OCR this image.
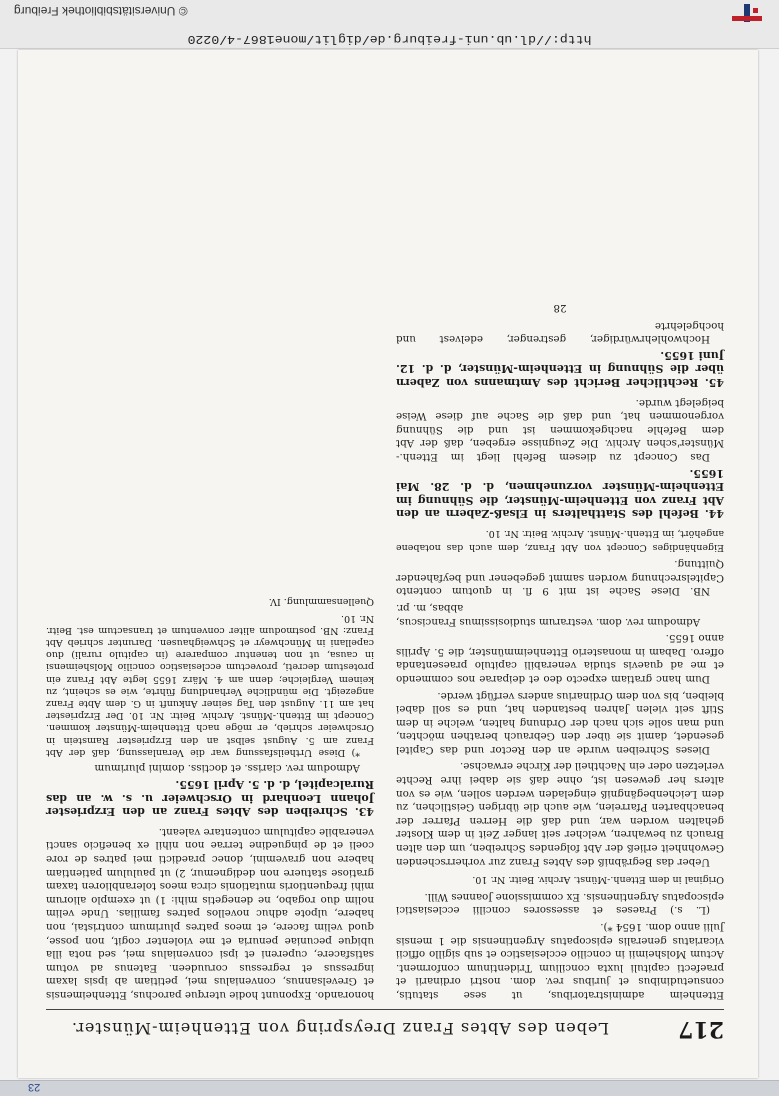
http://dl.ub.uni-freiburg.de/diglit/mone1867-4/0220
© Universitätsbibliothek Freiburg
217
Leben des Abtes Franz Dreyspring von Ettenheim-Münster.

Ettenheim administratoribus, ut sese statutis, consuetudinibus et juribus rev. dom. nostri ordinarii et praefecti capituli luxta concilium Tridentinum conforment. Actum Molsheimii in concilio ecclesiastico et sub sigillo officii vicariatus generalis episcopatus Argentinensis die 1 mensis Julii anno dom. 1654 *).

(L. s.) Praeses et assessores concilii ecclesiastici episcopatus Argentinensis. Ex commissione Joannes Will.

Original in dem Ettenh.-Münst. Archiv. Beitr. Nr. 10.

Ueber das Begräbniß des Abtes Franz zur vorherrschenden Gewohnheit erließ der Abt folgendes Schreiben, um den alten Brauch zu bewahren, welcher seit langer Zeit in dem Kloster gehalten worden war, und daß die Herren Pfarrer der benachbarten Pfarreien, wie auch die übrigen Geistlichen, zu dem Leichenbegängniß eingeladen werden sollen, wie es von alters her gewesen ist, ohne daß sie dabei ihre Rechte verletzen oder ein Nachtheil der Kirche erwachse.

Dieses Schreiben wurde an den Rector und das Capitel gesendet, damit sie über den Gebrauch berathen möchten, und man solle sich nach der Ordnung halten, welche in dem Stift seit vielen Jahren bestanden hat, und es soll dabei bleiben, bis von dem Ordinarius anders verfügt werde.

Dum hanc gratiam expecto deo et deiparae nos commendo et me ad quaevis studia venerabili capitulo praesentanda offero. Dabam in monasterio Ettenheimmünster, die 5. Aprilis anno 1655.

Admodum rev. dom. vestrarum studiosissimus Franciscus, abbas, m. pr.

NB. Diese Sache ist mit 9 fl. in quotum contento Capitelsrechnung worden sammt gegebener und beyfahender Quittung.

Eigenhändiges Concept von Abt Franz, dem auch das notabene angehört, im Ettenh.-Münst. Archiv. Beitr. Nr. 10.

44. Befehl des Statthalters in Elsaß-Zabern an den Abt Franz von Ettenheim-Münster, die Sühnung im Ettenheim-Münster vorzunehmen, d. d. 28. Mai 1655.

Das Concept zu diesem Befehl liegt im Ettenh.-Münster'schen Archiv. Die Zeugnisse ergeben, daß der Abt dem Befehle nachgekommen ist und die Sühnung vorgenommen hat, und daß die Sache auf diese Weise beigelegt wurde.

45. Rechtlicher Bericht des Amtmanns von Zabern über die Sühnung in Ettenheim-Münster, d. d. 12. Juni 1655.

Hochwohlehrwürdiger, gestrenger, edelvest und hochgelehrte

28

honorando. Exponunt hodie uterque parochus, Ettenheimensis et Grevelsannus, convenialus mei, petitiam ab ipsis laxam ingressus et regressus coruudeen. Eatenus ad votum satisfacere, cupereni et ipsi convenialus mei, sed nota illa ubique pecuniae penuria et me violenter cogit, non posse, quod velim facere, et meos patres plurimum contristai, non habere, ulpote adhuc novellos patres familias. Unde velim nolim duo rogabo, ne denegetis mihi: 1) ut exemplo aliorum mihi frequentioris mutationis circa meos toleranblioren taxam gratiose statuere non dedignemur, 2) ut paululum patientiam habere non gravemini, donec praedicti mei patres de rore coeli et de pinguedine terrae non nihil ex beneficio sancti venerabile capitulum contentare valeant.

43. Schreiben des Abtes Franz an den Erzpriester Johann Leonhard in Orschweier u. s. w. an das Ruralcapitel, d. d. 5. April 1655.

Admodum rev. clariss. et doctiss. domini plurimum

*) Diese Urtheilsfassung war die Veranlassung, daß der Abt Franz am 5. August selbst an den Erzpriester Ramstein in Orschweier schrieb, er möge nach Ettenheim-Münster kommen. Concept im Ettenh.-Münst. Archiv. Beitr. Nr. 10. Der Erzpriester hat am 11. August den Tag seiner Ankunft in G. dem Abte Franz angezeigt. Die mündliche Verhandlung führte, wie es scheint, zu keinem Vergleiche; denn am 4. März 1655 legte Abt Franz ein protestum decreti, provectum ecclesiastico concilio Molsheimensi in causa, ut non tenentur comparere (in capitulo rurali) duo capellani in Münchweyr et Schweighausen. Darunter schrieb Abt Franz: NB. postmodum aliter conventum et transactum est. Beitr. Nr. 10.

Quellensammlung. IV.

23
